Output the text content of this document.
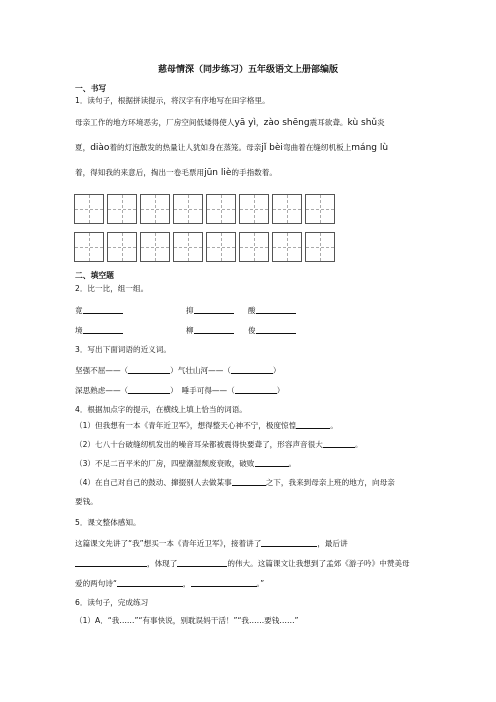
慈母情深（同步练习）五年级语文上册部编版
一、书写
1．读句子，根据拼读提示，将汉字有序地写在田字格里。
母亲工作的地方环境恶劣，厂房空间低矮得使人yā yì，zào shēng震耳欲聋。kù shǔ炎
夏，diào着的灯泡散发的热量让人犹如身在蒸笼。母亲jǐ bèi弯曲着在缝纫机板上máng lù
着，得知我的来意后，掏出一卷毛票用jūn liè的手指数着。
二、填空题
2．比一比，组一组。
竟	抑	酸
境	柳	俊
3．写出下面词语的近义词。
坚强不屈——（	）气壮山河——（	）
深思熟虑——（	）　唾手可得——（	）
4．根据加点字的提示，在横线上填上恰当的词语。
（1）但我想有一本《青年近卫军》，想得整天心神不宁，极度惊惶	。
（2）七八十台破缝纫机发出的噪音耳朵都被震得快要聋了，形容声音很大	。
（3）不足二百平米的厂房，四壁潮湿颓废衰败，破败	。
（4）在自己对自己的鼓动、撺掇别人去做某事	之下，我来到母亲上班的地方，向母亲
要钱。
5．课文整体感知。
这篇课文先讲了“我”想买一本《青年近卫军》，接着讲了	，最后讲
，体现了	的伟大。这篇课文让我想到了孟郊《游子吟》中赞美母
爱的两句诗“	，	。”
6．读句子，完成练习
（1）A．“我……”“有事快说，别耽误妈干活！”“我……要钱……”
